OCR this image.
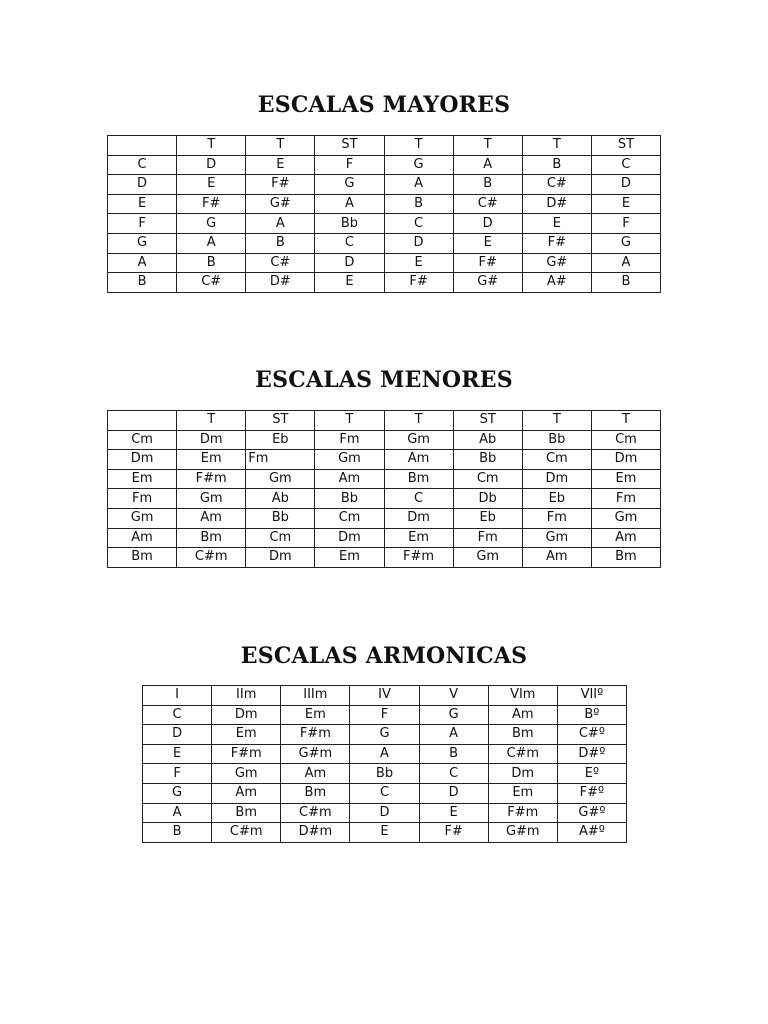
ESCALAS MAYORES
	T	T	ST	T	T	T	ST
C	D	E	F	G	A	B	C
D	E	F#	G	A	B	C#	D
E	F#	G#	A	B	C#	D#	E
F	G	A	Bb	C	D	E	F
G	A	B	C	D	E	F#	G
A	B	C#	D	E	F#	G#	A
B	C#	D#	E	F#	G#	A#	B
ESCALAS MENORES
	T	ST	T	T	ST	T	T
Cm	Dm	Eb	Fm	Gm	Ab	Bb	Cm
Dm	Em	Fm	Gm	Am	Bb	Cm	Dm
Em	F#m	Gm	Am	Bm	Cm	Dm	Em
Fm	Gm	Ab	Bb	C	Db	Eb	Fm
Gm	Am	Bb	Cm	Dm	Eb	Fm	Gm
Am	Bm	Cm	Dm	Em	Fm	Gm	Am
Bm	C#m	Dm	Em	F#m	Gm	Am	Bm
ESCALAS ARMONICAS
I	IIm	IIIm	IV	V	VIm	VIIº
C	Dm	Em	F	G	Am	Bº
D	Em	F#m	G	A	Bm	C#º
E	F#m	G#m	A	B	C#m	D#º
F	Gm	Am	Bb	C	Dm	Eº
G	Am	Bm	C	D	Em	F#º
A	Bm	C#m	D	E	F#m	G#º
B	C#m	D#m	E	F#	G#m	A#º
